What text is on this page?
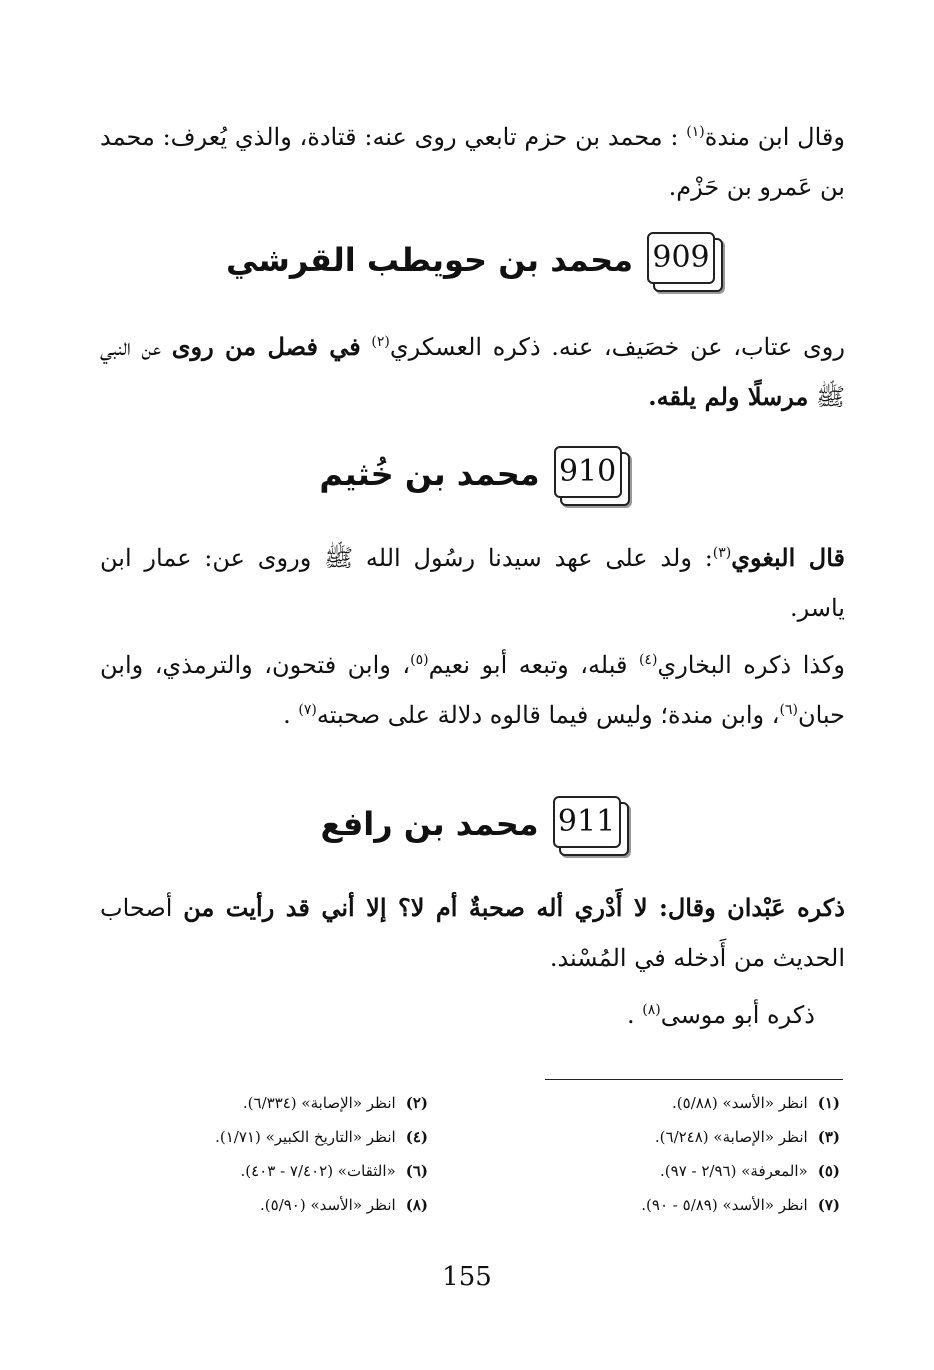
وقال ابن مندة$^{(١)}$ : محمد بن حزم تابعي روى عنه: قتادة، والذي يُعرف: محمد بن عَمرو بن حَزْم.

909
محمد بن حويطب القرشي

روى عتاب، عن خصَيف، عنه. ذكره العسكري$^{(٢)}$ في فصل من روى عن النبي ﷺ مرسلًا ولم يلقه.

910
محمد بن خُثيم

قال البغوي$^{(٣)}$: ولد على عهد سيدنا رسُول الله ﷺ وروى عن: عمار ابن ياسر.

وكذا ذكره البخاري$^{(٤)}$ قبله، وتبعه أبو نعيم$^{(٥)}$، وابن فتحون، والترمذي، وابن حبان$^{(٦)}$، وابن مندة؛ وليس فيما قالوه دلالة على صحبته$^{(٧)}$ .

911
محمد بن رافع

ذكره عَبْدان وقال: لا أَدْري أله صحبةٌ أم لا؟ إلا أني قد رأيت من أصحاب الحديث من أَدخله في المُسْند.

ذكره أبو موسى$^{(٨)}$ .

(١)انظر «الأسد» (٥/٨٨).
(٣)انظر «الإصابة» (٦/٢٤٨).
(٥)«المعرفة» (٢/٩٦ - ٩٧).
(٧)انظر «الأسد» (٥/٨٩ - ٩٠).
(٢)انظر «الإصابة» (٦/٣٣٤).
(٤)انظر «التاريخ الكبير» (١/٧١).
(٦)«الثقات» (٧/٤٠٢ - ٤٠٣).
(٨)انظر «الأسد» (٥/٩٠).
155
